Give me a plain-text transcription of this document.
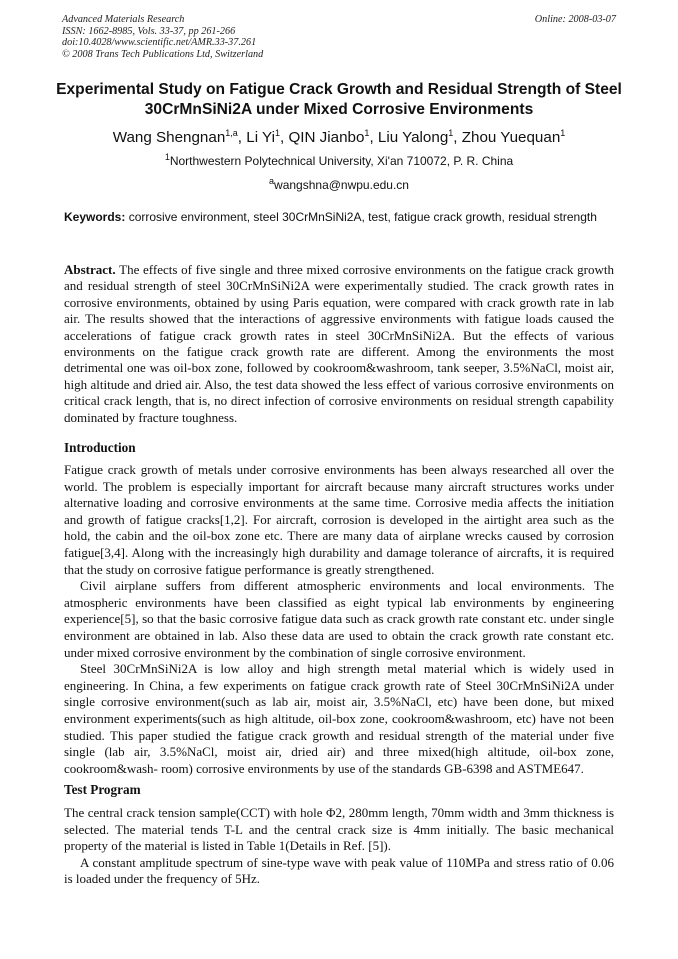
Advanced Materials Research
ISSN: 1662-8985, Vols. 33-37, pp 261-266
doi:10.4028/www.scientific.net/AMR.33-37.261
© 2008 Trans Tech Publications Ltd, Switzerland
Online: 2008-03-07
Experimental Study on Fatigue Crack Growth and Residual Strength of Steel 30CrMnSiNi2A under Mixed Corrosive Environments
Wang Shengnan$^{1,a}$, Li Yi$^1$, QIN Jianbo$^1$, Liu Yalong$^1$, Zhou Yuequan$^1$
$^1$Northwestern Polytechnical University, Xi'an 710072, P. R. China
$^a$wangshna@nwpu.edu.cn
Keywords: corrosive environment, steel 30CrMnSiNi2A, test, fatigue crack growth, residual strength
Abstract. The effects of five single and three mixed corrosive environments on the fatigue crack growth and residual strength of steel 30CrMnSiNi2A were experimentally studied. The crack growth rates in corrosive environments, obtained by using Paris equation, were compared with crack growth rate in lab air. The results showed that the interactions of aggressive environments with fatigue loads caused the accelerations of fatigue crack growth rates in steel 30CrMnSiNi2A. But the effects of various environments on the fatigue crack growth rate are different. Among the environments the most detrimental one was oil-box zone, followed by cookroom&washroom, tank seeper, 3.5%NaCl, moist air, high altitude and dried air. Also, the test data showed the less effect of various corrosive environments on critical crack length, that is, no direct infection of corrosive environments on residual strength capability dominated by fracture toughness.
Introduction

Fatigue crack growth of metals under corrosive environments has been always researched all over the world. The problem is especially important for aircraft because many aircraft structures works under alternative loading and corrosive environments at the same time. Corrosive media affects the initiation and growth of fatigue cracks[1,2]. For aircraft, corrosion is developed in the airtight area such as the hold, the cabin and the oil-box zone etc. There are many data of airplane wrecks caused by corrosion fatigue[3,4]. Along with the increasingly high durability and damage tolerance of aircrafts, it is required that the study on corrosive fatigue performance is greatly strengthened.

Civil airplane suffers from different atmospheric environments and local environments. The atmospheric environments have been classified as eight typical lab environments by engineering experience[5], so that the basic corrosive fatigue data such as crack growth rate constant etc. under single environment are obtained in lab. Also these data are used to obtain the crack growth rate constant etc. under mixed corrosive environment by the combination of single corrosive environment.

Steel 30CrMnSiNi2A is low alloy and high strength metal material which is widely used in engineering. In China, a few experiments on fatigue crack growth rate of Steel 30CrMnSiNi2A under single corrosive environment(such as lab air, moist air, 3.5%NaCl, etc) have been done, but mixed environment experiments(such as high altitude, oil-box zone, cookroom&washroom, etc) have not been studied. This paper studied the fatigue crack growth and residual strength of the material under five single (lab air, 3.5%NaCl, moist air, dried air) and three mixed(high altitude, oil-box zone, cookroom&wash- room) corrosive environments by use of the standards GB-6398 and ASTME647.

Test Program

The central crack tension sample(CCT) with hole Φ2, 280mm length, 70mm width and 3mm thickness is selected. The material tends T-L and the central crack size is 4mm initially. The basic mechanical property of the material is listed in Table 1(Details in Ref. [5]).

A constant amplitude spectrum of sine-type wave with peak value of 110MPa and stress ratio of 0.06 is loaded under the frequency of 5Hz.
